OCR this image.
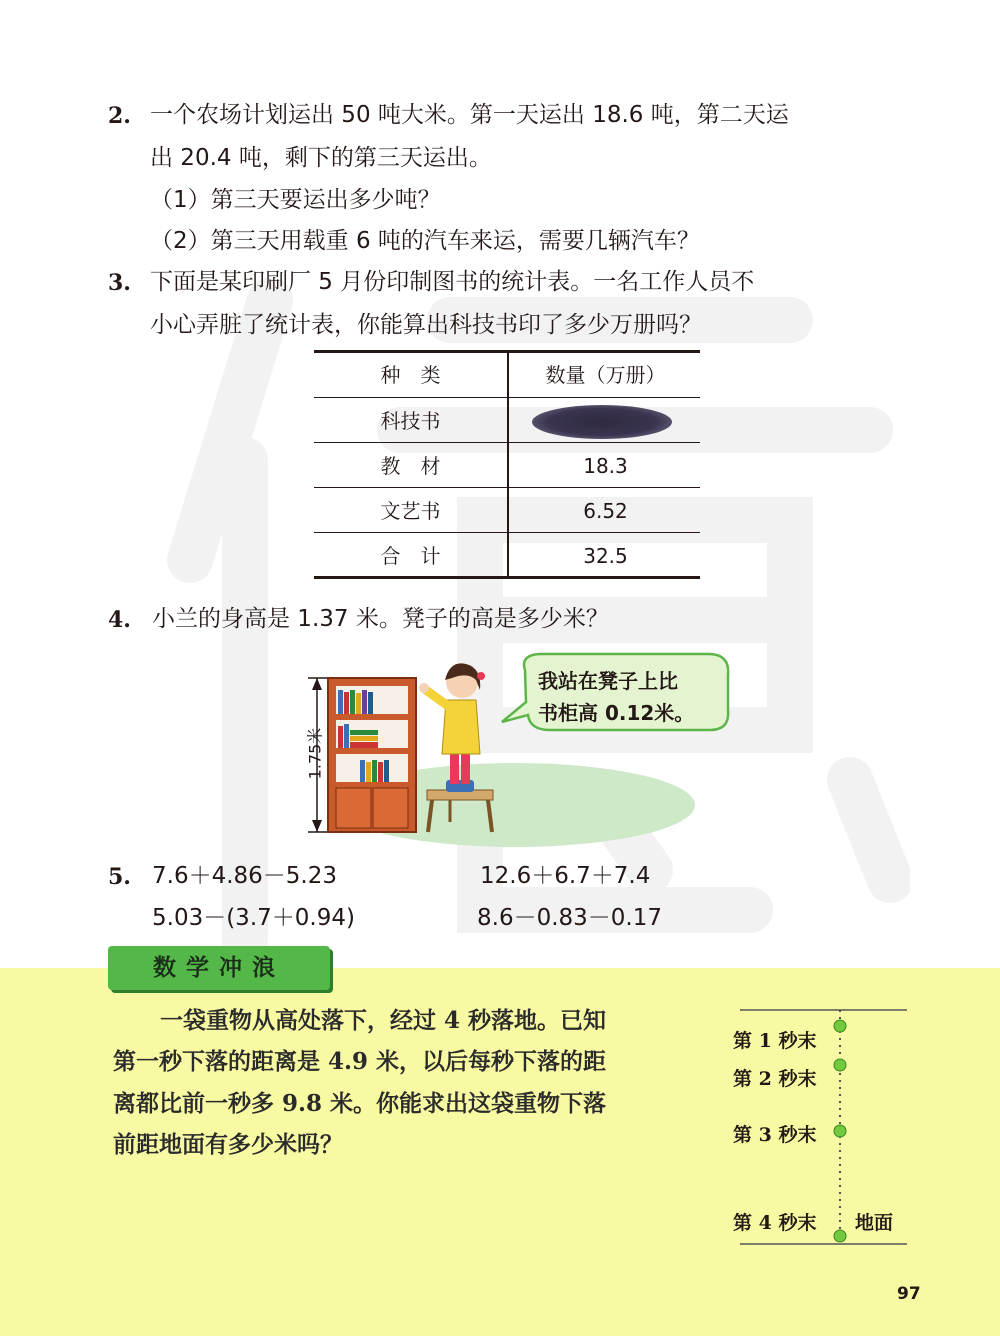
2. 一个农场计划运出 50 吨大米。第一天运出 18.6 吨，第二天运
出 20.4 吨，剩下的第三天运出。
（1）第三天要运出多少吨？
（2）第三天用载重 6 吨的汽车来运，需要几辆汽车？
3. 下面是某印刷厂 5 月份印制图书的统计表。一名工作人员不
小心弄脏了统计表，你能算出科技书印了多少万册吗？
种　类	数量（万册）
科技书
教　材	18.3
文艺书	6.52
合　计	32.5
4. 小兰的身高是 1.37 米。凳子的高是多少米？
1.75米
我站在凳子上比
书柜高 0.12米。
5. 7.6＋4.86－5.23	12.6＋6.7＋7.4
5.03－(3.7＋0.94)	8.6－0.83－0.17
数学冲浪
一袋重物从高处落下，经过 4 秒落地。已知
第一秒下落的距离是 4.9 米，以后每秒下落的距
离都比前一秒多 9.8 米。你能求出这袋重物下落
前距地面有多少米吗？
第 1 秒末
第 2 秒末
第 3 秒末
第 4 秒末 地面
97
